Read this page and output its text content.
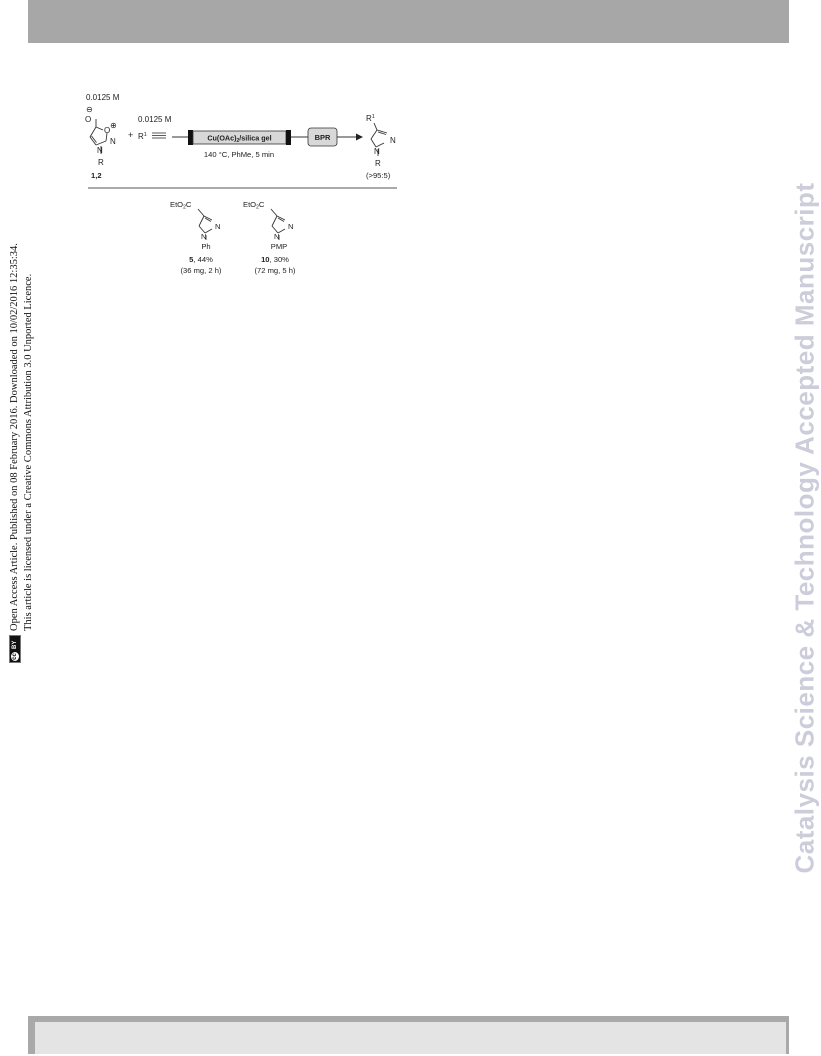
Catalysis Science & Technology Accepted Manuscript
cc
BY
Open Access Article. Published on 08 February 2016. Downloaded on 10/02/2016 12:35:34. This article is licensed under a Creative Commons Attribution 3.0 Unported Licence.
0.0125 M
0.0125 M
⊖
O
O
⊕
N
N
R
+ $R^1$	$Cu(OAc)_2$/silica gel
140 °C, PhMe, 5 min
BPR
$R^1$
N
N
R
1,2	(>95:5)
EtO2C
N
N
Ph
5, 44%
(36 mg, 2 h)
EtO2C
N
N
PMP
10, 30%
(72 mg, 5 h)
